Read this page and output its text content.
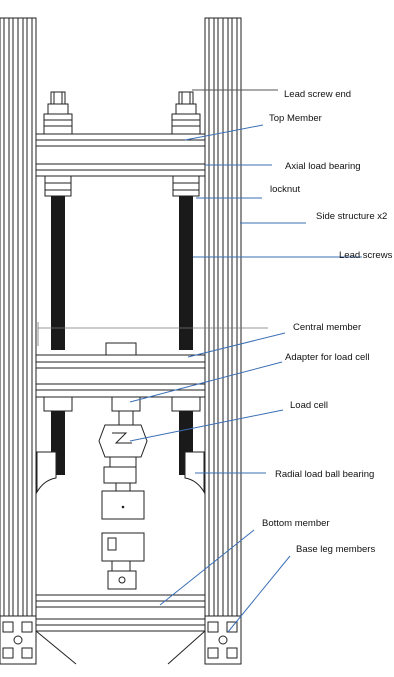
Lead screw end
Top Member
Axial load bearing
locknut
Side structure x2
Lead screws
Central member
Adapter for load cell
Load cell
Radial load ball bearing
Bottom member
Base leg members
